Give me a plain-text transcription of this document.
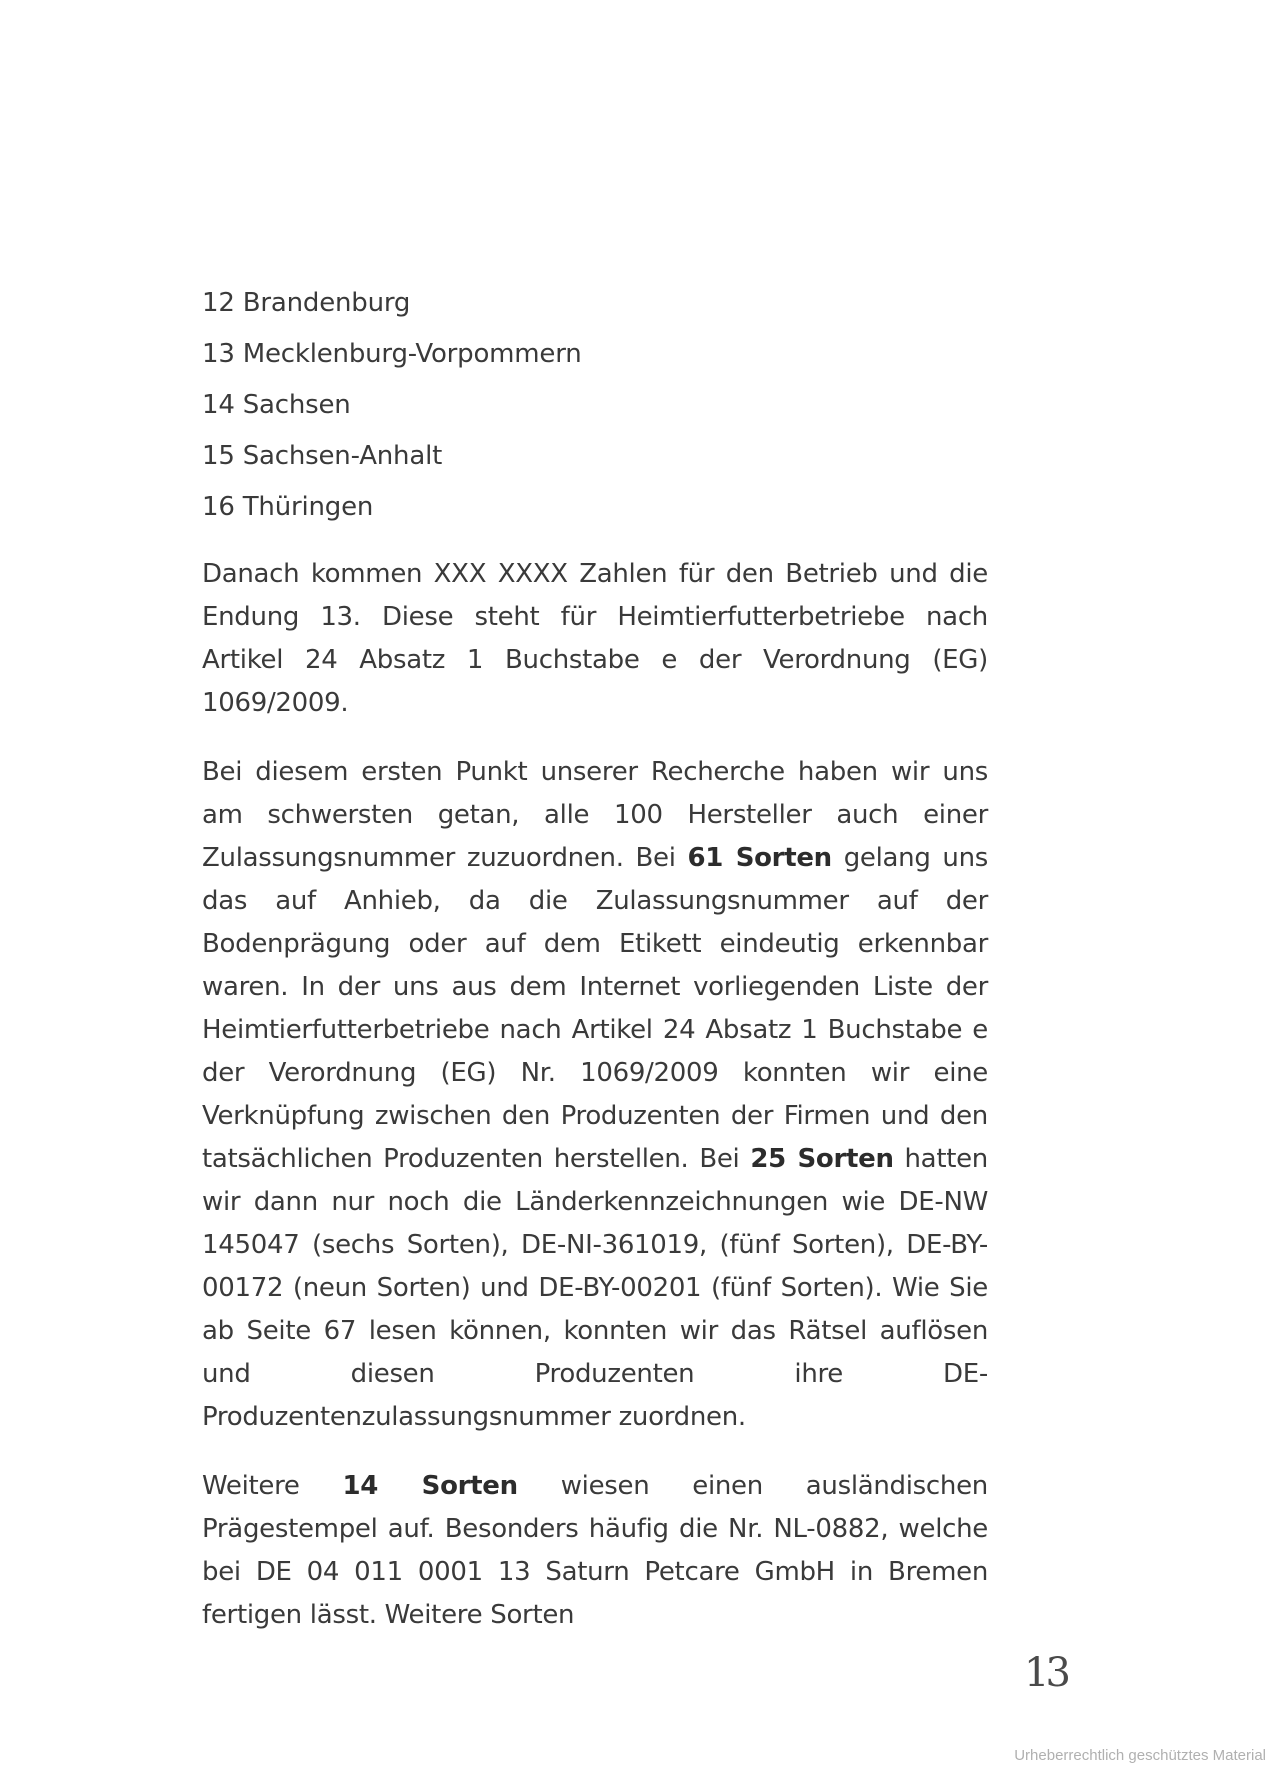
12 Brandenburg
13 Mecklenburg-Vorpommern
14 Sachsen
15 Sachsen-Anhalt
16 Thüringen

Danach kommen XXX XXXX Zahlen für den Betrieb und die Endung 13. Diese steht für Heimtierfutterbetriebe nach Artikel 24 Absatz 1 Buchstabe e der Verordnung (EG) 1069/2009.

Bei diesem ersten Punkt unserer Recherche haben wir uns am schwersten getan, alle 100 Hersteller auch einer Zulassungsnummer zuzuordnen. Bei 61 Sorten gelang uns das auf Anhieb, da die Zulassungsnummer auf der Bodenprägung oder auf dem Etikett eindeutig erkennbar waren. In der uns aus dem Internet vorliegenden Liste der Heimtierfutterbetriebe nach Artikel 24 Absatz 1 Buchstabe e der Verordnung (EG) Nr. 1069/2009 konnten wir eine Verknüpfung zwischen den Produzenten der Firmen und den tatsächlichen Produzenten herstellen. Bei 25 Sorten hatten wir dann nur noch die Länderkennzeichnungen wie DE-NW 145047 (sechs Sorten), DE-NI-361019, (fünf Sorten), DE-BY-00172 (neun Sorten) und DE-BY-00201 (fünf Sorten). Wie Sie ab Seite 67 lesen können, konnten wir das Rätsel auflösen und diesen Produzenten ihre DE-Produzentenzulassungsnummer zuordnen.

Weitere 14 Sorten wiesen einen ausländischen Prägestempel auf. Besonders häufig die Nr. NL-0882, welche bei DE 04 011 0001 13 Saturn Petcare GmbH in Bremen fertigen lässt. Weitere Sorten

13
Urheberrechtlich geschütztes Material
